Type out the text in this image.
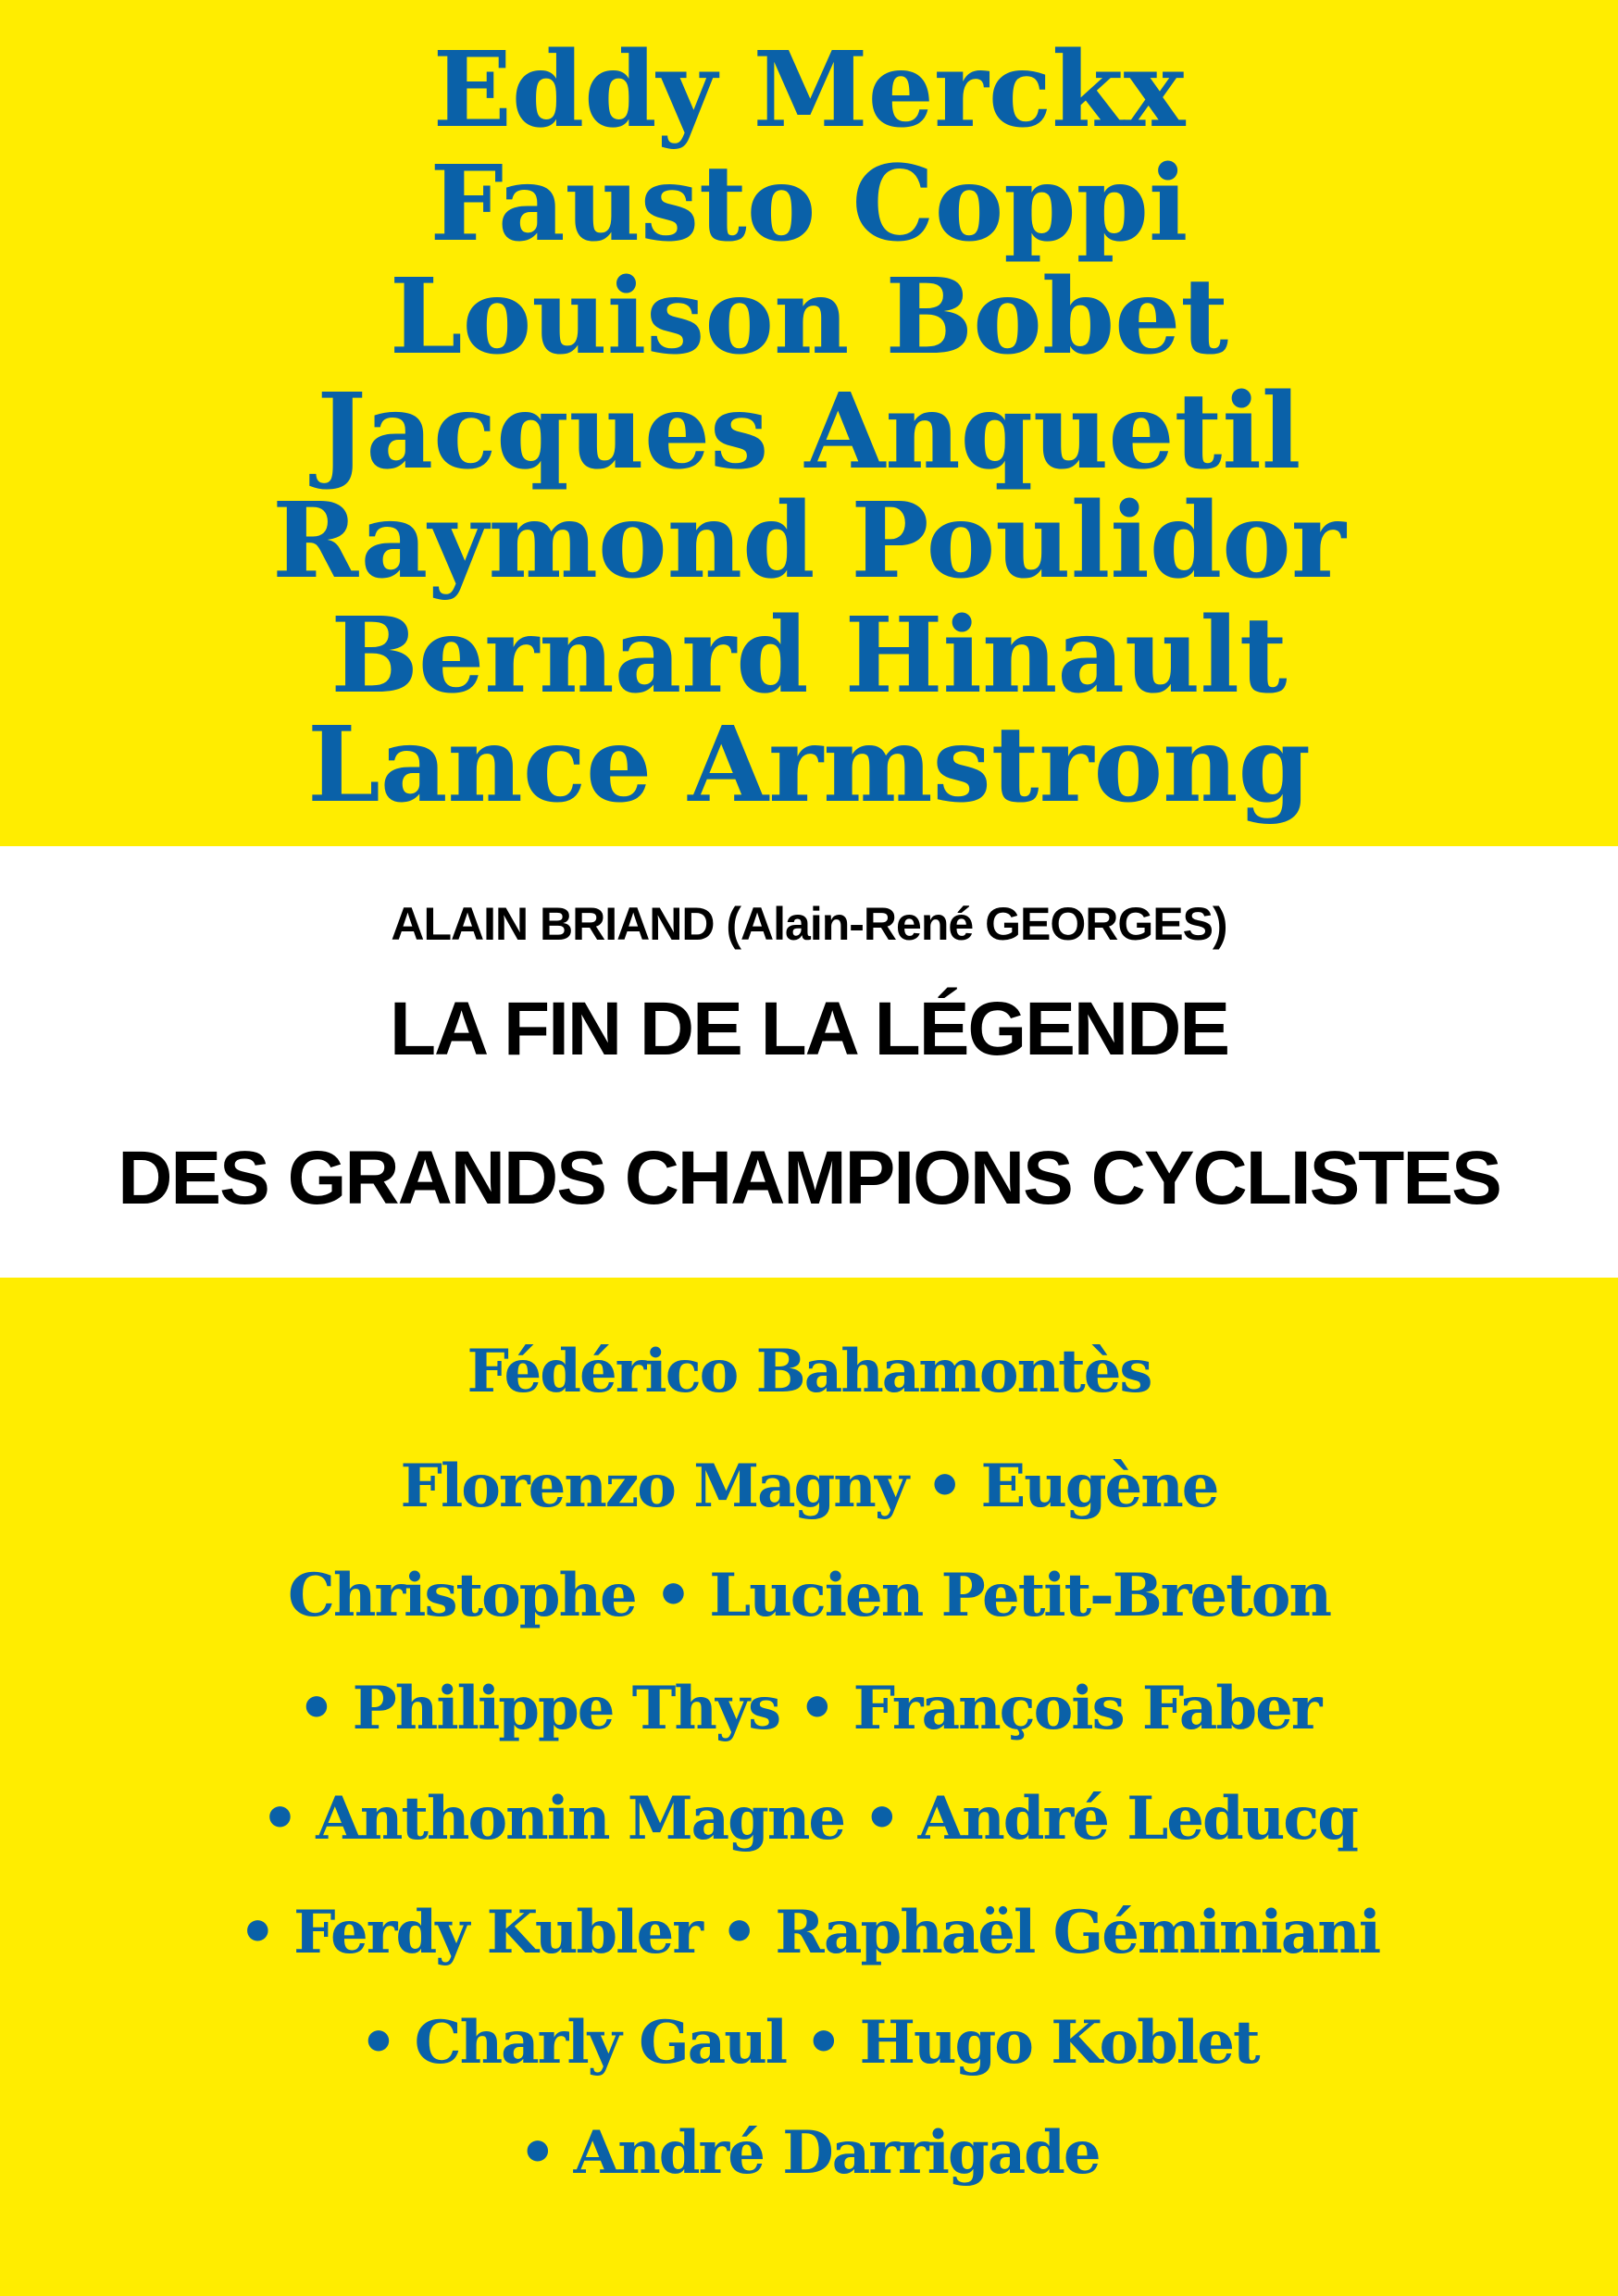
Eddy Merckx
Fausto Coppi
Louison Bobet
Jacques Anquetil
Raymond Poulidor
Bernard Hinault
Lance Armstrong
ALAIN BRIAND (Alain-René GEORGES)
LA FIN DE LA LÉGENDE
DES GRANDS CHAMPIONS CYCLISTES
Fédérico Bahamontès
Florenzo Magny • Eugène
Christophe • Lucien Petit-Breton
• Philippe Thys • François Faber
• Anthonin Magne • André Leducq
• Ferdy Kubler • Raphaël Géminiani
• Charly Gaul • Hugo Koblet
• André Darrigade
